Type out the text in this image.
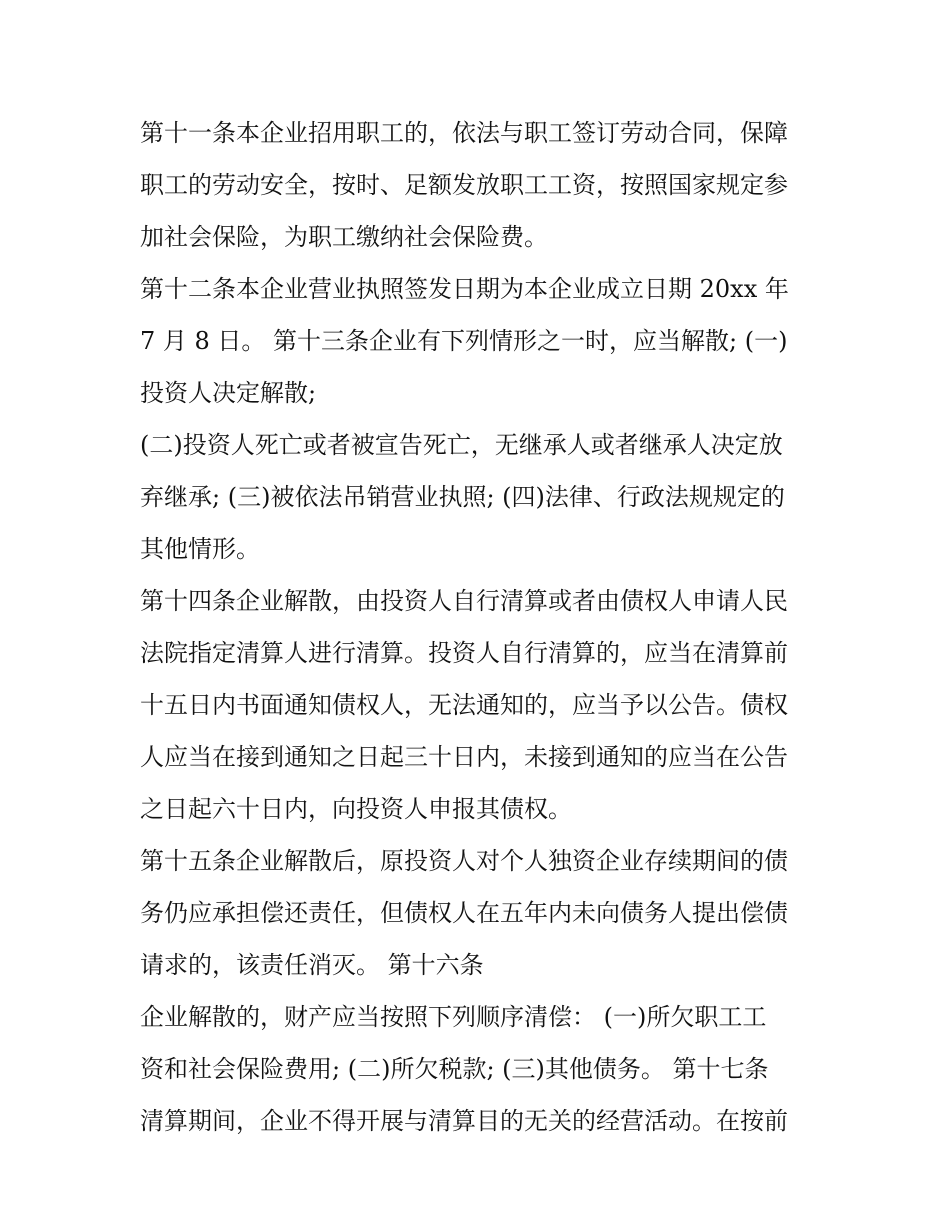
第十一条本企业招用职工的，依法与职工签订劳动合同，保障
职工的劳动安全，按时、足额发放职工工资，按照国家规定参
加社会保险，为职工缴纳社会保险费。
第十二条本企业营业执照签发日期为本企业成立日期 20xx 年
7 月 8 日。 第十三条企业有下列情形之一时，应当解散; (一)
投资人决定解散;
(二)投资人死亡或者被宣告死亡，无继承人或者继承人决定放
弃继承; (三)被依法吊销营业执照; (四)法律、行政法规规定的
其他情形。
第十四条企业解散，由投资人自行清算或者由债权人申请人民
法院指定清算人进行清算。投资人自行清算的，应当在清算前
十五日内书面通知债权人，无法通知的，应当予以公告。债权
人应当在接到通知之日起三十日内，未接到通知的应当在公告
之日起六十日内，向投资人申报其债权。
第十五条企业解散后，原投资人对个人独资企业存续期间的债
务仍应承担偿还责任，但债权人在五年内未向债务人提出偿债
请求的，该责任消灭。 第十六条
企业解散的，财产应当按照下列顺序清偿： (一)所欠职工工
资和社会保险费用; (二)所欠税款; (三)其他债务。 第十七条
清算期间，企业不得开展与清算目的无关的经营活动。在按前
